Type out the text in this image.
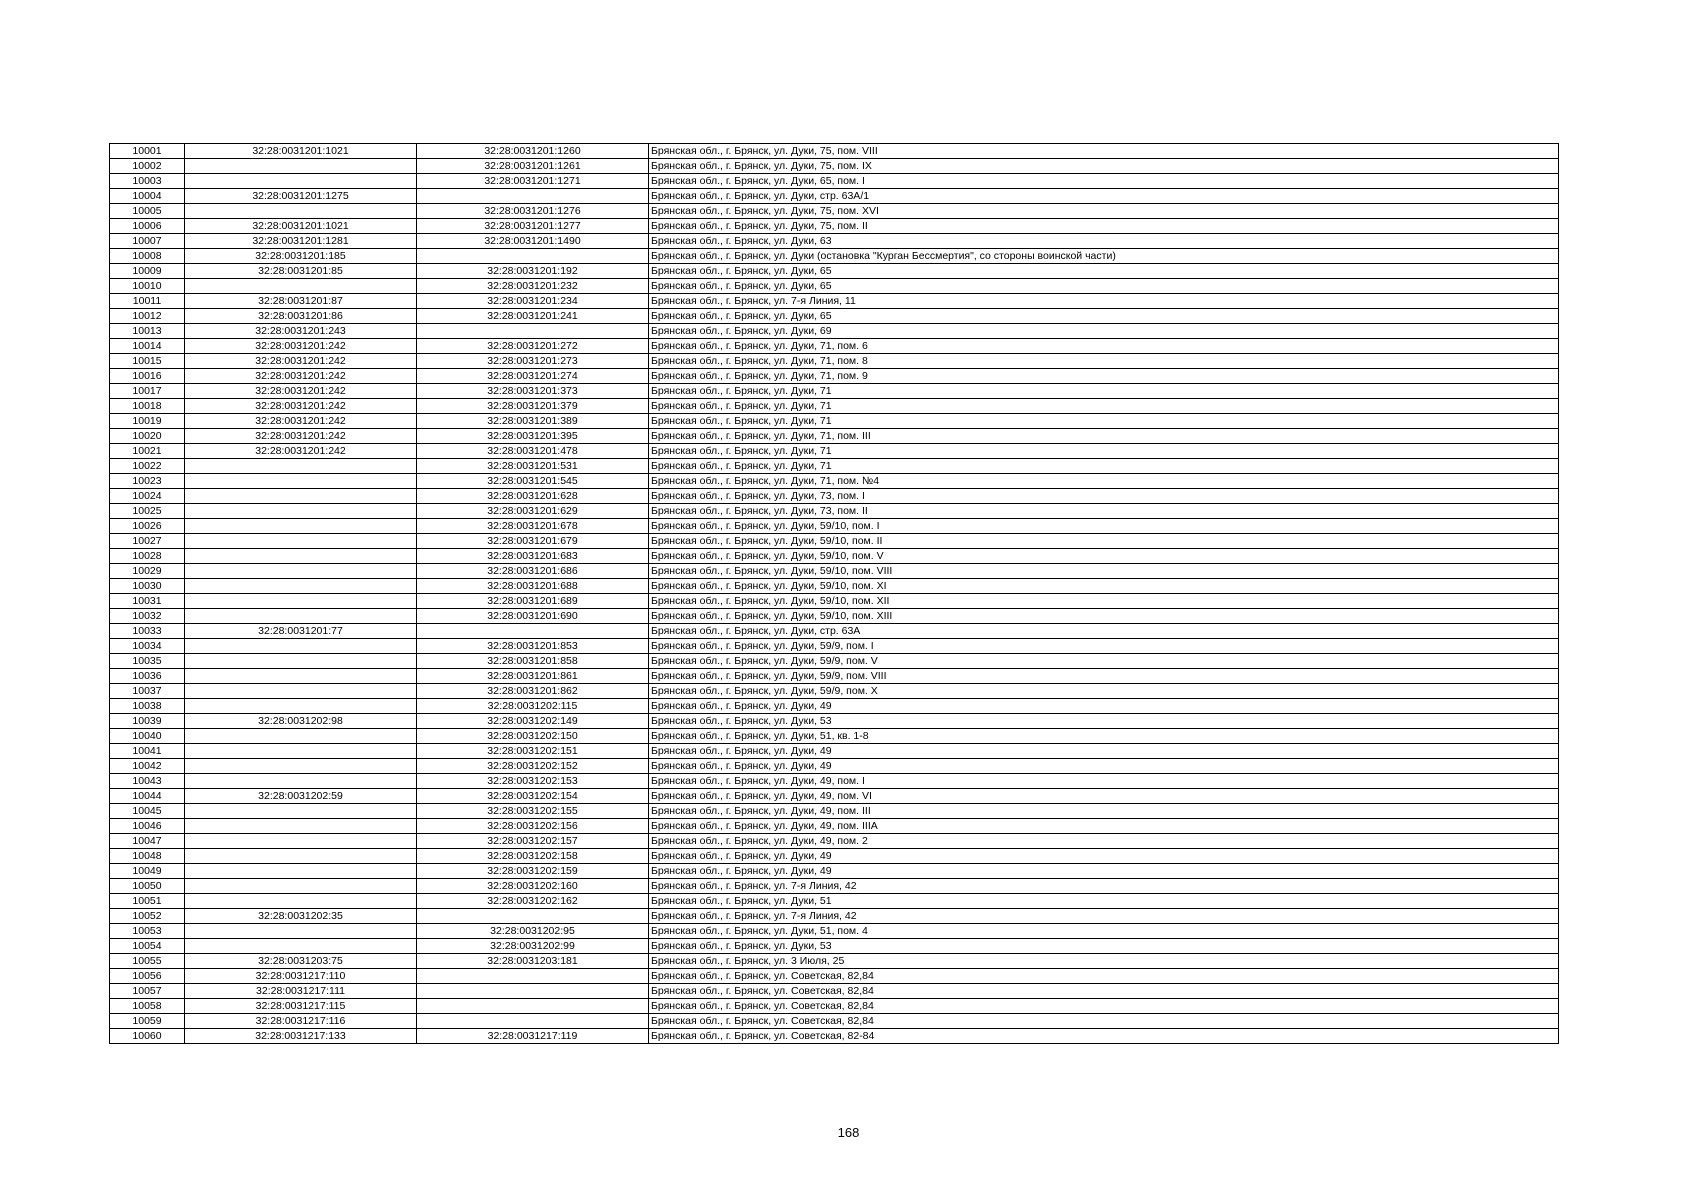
10001	32:28:0031201:1021	32:28:0031201:1260	Брянская обл., г. Брянск, ул. Дуки, 75, пом. VIII
10002		32:28:0031201:1261	Брянская обл., г. Брянск, ул. Дуки, 75, пом. IX
10003		32:28:0031201:1271	Брянская обл., г. Брянск, ул. Дуки, 65, пом. I
10004	32:28:0031201:1275		Брянская обл., г. Брянск, ул. Дуки, стр. 63А/1
10005		32:28:0031201:1276	Брянская обл., г. Брянск, ул. Дуки, 75, пом. XVI
10006	32:28:0031201:1021	32:28:0031201:1277	Брянская обл., г. Брянск, ул. Дуки, 75, пом. II
10007	32:28:0031201:1281	32:28:0031201:1490	Брянская обл., г. Брянск, ул. Дуки, 63
10008	32:28:0031201:185		Брянская обл., г. Брянск, ул. Дуки (остановка "Курган Бессмертия", со стороны воинской части)
10009	32:28:0031201:85	32:28:0031201:192	Брянская обл., г. Брянск, ул. Дуки, 65
10010		32:28:0031201:232	Брянская обл., г. Брянск, ул. Дуки, 65
10011	32:28:0031201:87	32:28:0031201:234	Брянская обл., г. Брянск, ул. 7-я Линия, 11
10012	32:28:0031201:86	32:28:0031201:241	Брянская обл., г. Брянск, ул. Дуки, 65
10013	32:28:0031201:243		Брянская обл., г. Брянск, ул. Дуки, 69
10014	32:28:0031201:242	32:28:0031201:272	Брянская обл., г. Брянск, ул. Дуки, 71, пом. 6
10015	32:28:0031201:242	32:28:0031201:273	Брянская обл., г. Брянск, ул. Дуки, 71, пом. 8
10016	32:28:0031201:242	32:28:0031201:274	Брянская обл., г. Брянск, ул. Дуки, 71, пом. 9
10017	32:28:0031201:242	32:28:0031201:373	Брянская обл., г. Брянск, ул. Дуки, 71
10018	32:28:0031201:242	32:28:0031201:379	Брянская обл., г. Брянск, ул. Дуки, 71
10019	32:28:0031201:242	32:28:0031201:389	Брянская обл., г. Брянск, ул. Дуки, 71
10020	32:28:0031201:242	32:28:0031201:395	Брянская обл., г. Брянск, ул. Дуки, 71, пом. III
10021	32:28:0031201:242	32:28:0031201:478	Брянская обл., г. Брянск, ул. Дуки, 71
10022		32:28:0031201:531	Брянская обл., г. Брянск, ул. Дуки, 71
10023		32:28:0031201:545	Брянская обл., г. Брянск, ул. Дуки, 71, пом. №4
10024		32:28:0031201:628	Брянская обл., г. Брянск, ул. Дуки, 73, пом. I
10025		32:28:0031201:629	Брянская обл., г. Брянск, ул. Дуки, 73, пом. II
10026		32:28:0031201:678	Брянская обл., г. Брянск, ул. Дуки, 59/10, пом. I
10027		32:28:0031201:679	Брянская обл., г. Брянск, ул. Дуки, 59/10, пом. II
10028		32:28:0031201:683	Брянская обл., г. Брянск, ул. Дуки, 59/10, пом. V
10029		32:28:0031201:686	Брянская обл., г. Брянск, ул. Дуки, 59/10, пом. VIII
10030		32:28:0031201:688	Брянская обл., г. Брянск, ул. Дуки, 59/10, пом. XI
10031		32:28:0031201:689	Брянская обл., г. Брянск, ул. Дуки, 59/10, пом. XII
10032		32:28:0031201:690	Брянская обл., г. Брянск, ул. Дуки, 59/10, пом. XIII
10033	32:28:0031201:77		Брянская обл., г. Брянск, ул. Дуки, стр. 63А
10034		32:28:0031201:853	Брянская обл., г. Брянск, ул. Дуки, 59/9, пом. I
10035		32:28:0031201:858	Брянская обл., г. Брянск, ул. Дуки, 59/9, пом. V
10036		32:28:0031201:861	Брянская обл., г. Брянск, ул. Дуки, 59/9, пом. VIII
10037		32:28:0031201:862	Брянская обл., г. Брянск, ул. Дуки, 59/9, пом. X
10038		32:28:0031202:115	Брянская обл., г. Брянск, ул. Дуки, 49
10039	32:28:0031202:98	32:28:0031202:149	Брянская обл., г. Брянск, ул. Дуки, 53
10040		32:28:0031202:150	Брянская обл., г. Брянск, ул. Дуки, 51, кв. 1-8
10041		32:28:0031202:151	Брянская обл., г. Брянск, ул. Дуки, 49
10042		32:28:0031202:152	Брянская обл., г. Брянск, ул. Дуки, 49
10043		32:28:0031202:153	Брянская обл., г. Брянск, ул. Дуки, 49, пом. I
10044	32:28:0031202:59	32:28:0031202:154	Брянская обл., г. Брянск, ул. Дуки, 49, пом. VI
10045		32:28:0031202:155	Брянская обл., г. Брянск, ул. Дуки, 49, пом. III
10046		32:28:0031202:156	Брянская обл., г. Брянск, ул. Дуки, 49, пом. IIIA
10047		32:28:0031202:157	Брянская обл., г. Брянск, ул. Дуки, 49, пом. 2
10048		32:28:0031202:158	Брянская обл., г. Брянск, ул. Дуки, 49
10049		32:28:0031202:159	Брянская обл., г. Брянск, ул. Дуки, 49
10050		32:28:0031202:160	Брянская обл., г. Брянск, ул. 7-я Линия, 42
10051		32:28:0031202:162	Брянская обл., г. Брянск, ул. Дуки, 51
10052	32:28:0031202:35		Брянская обл., г. Брянск, ул. 7-я Линия, 42
10053		32:28:0031202:95	Брянская обл., г. Брянск, ул. Дуки, 51, пом. 4
10054		32:28:0031202:99	Брянская обл., г. Брянск, ул. Дуки, 53
10055	32:28:0031203:75	32:28:0031203:181	Брянская обл., г. Брянск, ул. 3 Июля, 25
10056	32:28:0031217:110		Брянская обл., г. Брянск, ул. Советская, 82,84
10057	32:28:0031217:111		Брянская обл., г. Брянск, ул. Советская, 82,84
10058	32:28:0031217:115		Брянская обл., г. Брянск, ул. Советская, 82,84
10059	32:28:0031217:116		Брянская обл., г. Брянск, ул. Советская, 82,84
10060	32:28:0031217:133	32:28:0031217:119	Брянская обл., г. Брянск, ул. Советская, 82-84
168
